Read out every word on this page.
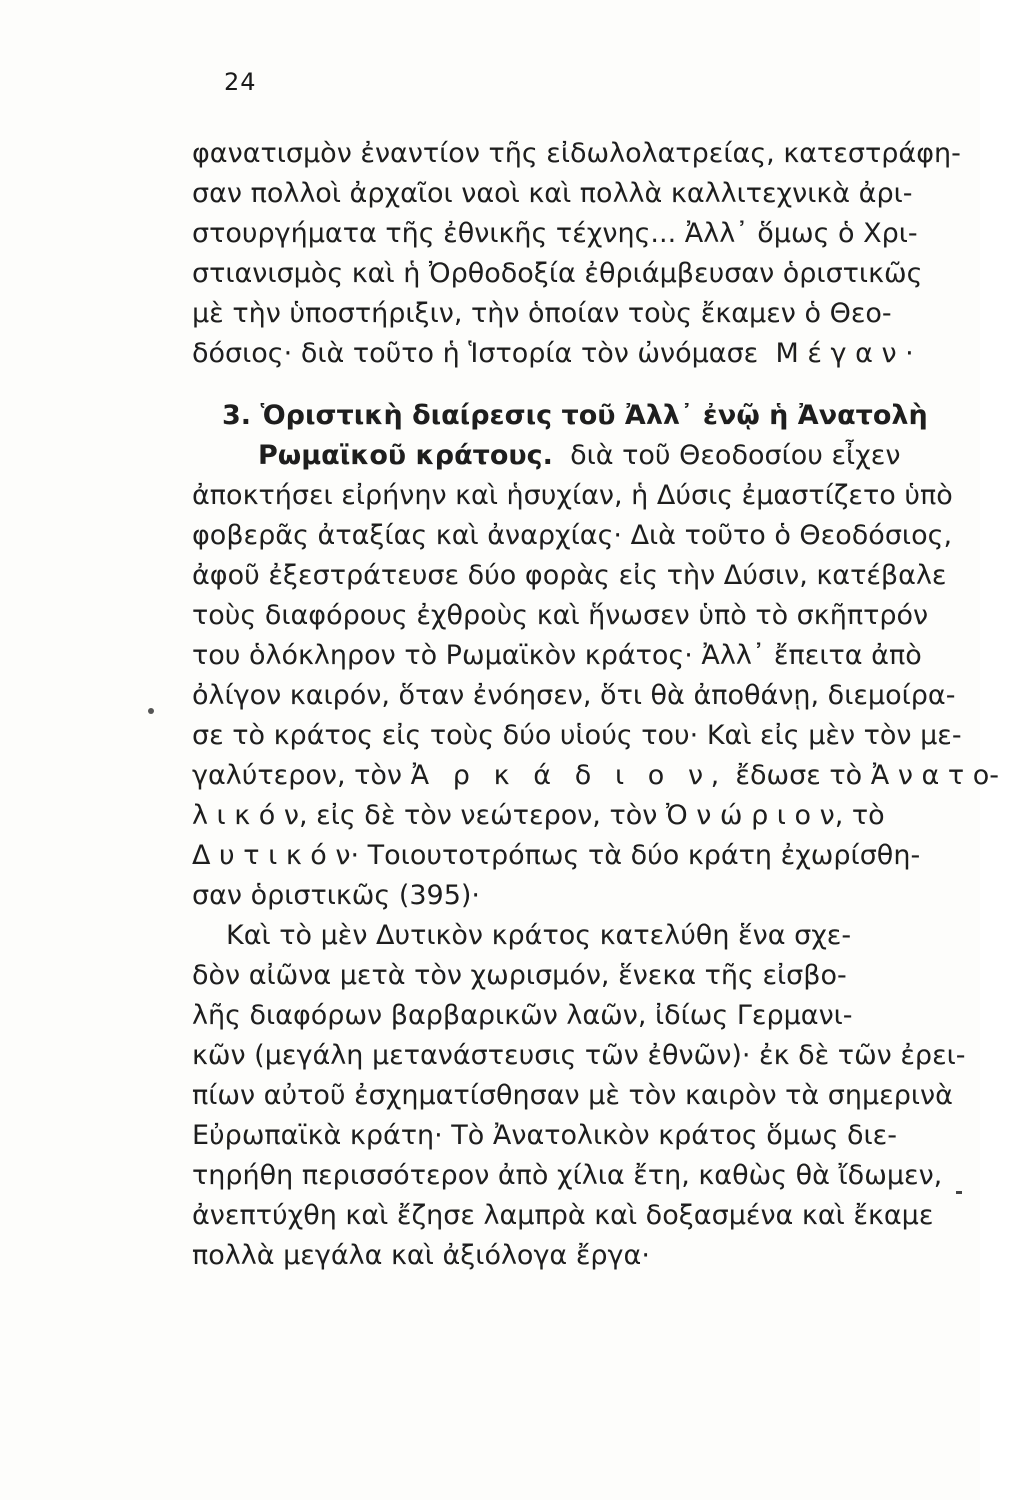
24
φανατισμὸν ἐναντίον τῆς εἰδωλολατρείας, κατεστράφη-
σαν πολλοὶ ἀρχαῖοι ναοὶ καὶ πολλὰ καλλιτεχνικὰ ἀρι-
στουργήματα τῆς ἐθνικῆς τέχνης... Ἀλλ᾽ ὅμως ὁ Χρι-
στιανισμὸς καὶ ἡ Ὀρθοδοξία ἐθριάμβευσαν ὁριστικῶς
μὲ τὴν ὑποστήριξιν, τὴν ὁποίαν τοὺς ἔκαμεν ὁ Θεο-
δόσιος· διὰ τοῦτο ἡ Ἱστορία τὸν ὠνόμασε Μ έ γ α ν ·
3. Ὁριστικὴ διαίρεσις τοῦ Ἀλλ᾽ ἐνῷ ἡ Ἀνατολὴ
Ρωμαϊκοῦ κράτους. διὰ τοῦ Θεοδοσίου εἶχεν
ἀποκτήσει εἰρήνην καὶ ἡσυχίαν, ἡ Δύσις ἐμαστίζετο ὑπὸ
φοβερᾶς ἀταξίας καὶ ἀναρχίας· Διὰ τοῦτο ὁ Θεοδόσιος,
ἀφοῦ ἐξεστράτευσε δύο φορὰς εἰς τὴν Δύσιν, κατέβαλε
τοὺς διαφόρους ἐχθροὺς καὶ ἥνωσεν ὑπὸ τὸ σκῆπτρόν
του ὁλόκληρον τὸ Ρωμαϊκὸν κράτος· Ἀλλ᾽ ἔπειτα ἀπὸ
ὀλίγον καιρόν, ὅταν ἐνόησεν, ὅτι θὰ ἀποθάνῃ, διεμοίρα-
σε τὸ κράτος εἰς τοὺς δύο υἱούς του· Καὶ εἰς μὲν τὸν με-
γαλύτερον, τὸν Ἀ ρ κ ά δ ι ο ν, ἔδωσε τὸ Ἀ ν α τ ο-
λ ι κ ό ν, εἰς δὲ τὸν νεώτερον, τὸν Ὀ ν ώ ρ ι ο ν, τὸ
Δ υ τ ι κ ό ν· Τοιουτοτρόπως τὰ δύο κράτη ἐχωρίσθη-
σαν ὁριστικῶς (395)·
Καὶ τὸ μὲν Δυτικὸν κράτος κατελύθη ἕνα σχε-
δὸν αἰῶνα μετὰ τὸν χωρισμόν, ἕνεκα τῆς εἰσβο-
λῆς διαφόρων βαρβαρικῶν λαῶν, ἰδίως Γερμανι-
κῶν (μεγάλη μετανάστευσις τῶν ἐθνῶν)· ἐκ δὲ τῶν ἐρει-
πίων αὐτοῦ ἐσχηματίσθησαν μὲ τὸν καιρὸν τὰ σημερινὰ
Εὐρωπαϊκὰ κράτη· Τὸ Ἀνατολικὸν κράτος ὅμως διε-
τηρήθη περισσότερον ἀπὸ χίλια ἔτη, καθὼς θὰ ἴδωμεν,
ἀνεπτύχθη καὶ ἔζησε λαμπρὰ καὶ δοξασμένα καὶ ἔκαμε
πολλὰ μεγάλα καὶ ἀξιόλογα ἔργα·
